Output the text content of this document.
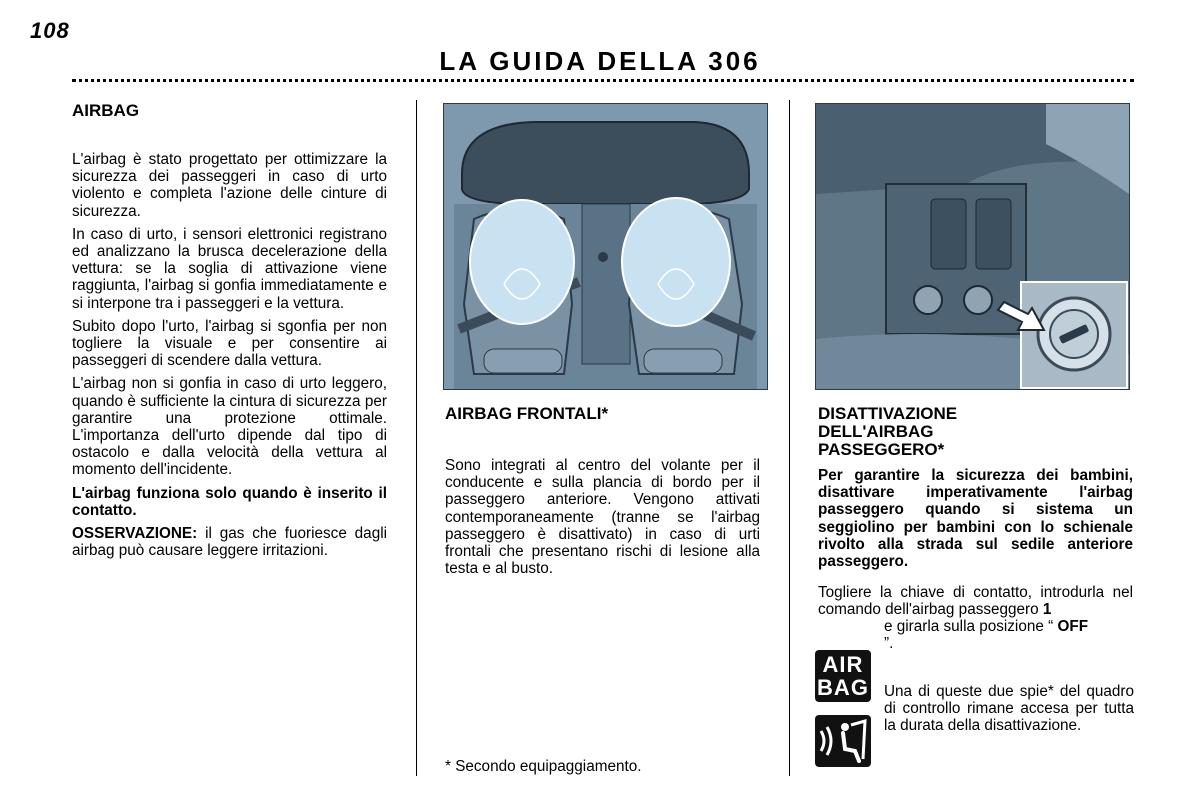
108
LA GUIDA DELLA 306
AIRBAG

L'airbag è stato progettato per ottimizzare la sicurezza dei passeggeri in caso di urto violento e completa l'azione delle cinture di sicurezza.

In caso di urto, i sensori elettronici registrano ed analizzano la brusca decelerazione della vettura: se la soglia di attivazione viene raggiunta, l'airbag si gonfia immediatamente e si interpone tra i passeggeri e la vettura.

Subito dopo l'urto, l'airbag si sgonfia per non togliere la visuale e per consentire ai passeggeri di scendere dalla vettura.

L'airbag non si gonfia in caso di urto leggero, quando è sufficiente la cintura di sicurezza per garantire una protezione ottimale. L'importanza dell'urto dipende dal tipo di ostacolo e dalla velocità della vettura al momento dell'incidente.

L'airbag funziona solo quando è inserito il contatto.

OSSERVAZIONE: il gas che fuoriesce dagli airbag può causare leggere irritazioni.

AIRBAG FRONTALI*

Sono integrati al centro del volante per il conducente e sulla plancia di bordo per il passeggero anteriore. Vengono attivati contemporaneamente (tranne se l'airbag passeggero è disattivato) in caso di urti frontali che presentano rischi di lesione alla testa e al busto.

* Secondo equipaggiamento.
DISATTIVAZIONE
DELL'AIRBAG
PASSEGGERO*
Per garantire la sicurezza dei bambini, disattivare imperativamente l'airbag passeggero quando si sistema un seggiolino per bambini con lo schienale rivolto alla strada sul sedile anteriore passeggero.
Togliere la chiave di contatto, introdurla nel comando dell'airbag passeggero 1
e girarla sulla posizione “ OFF
”.
AIR
BAG Una di queste due spie* del quadro di controllo rimane accesa per tutta la durata della disattivazione.
